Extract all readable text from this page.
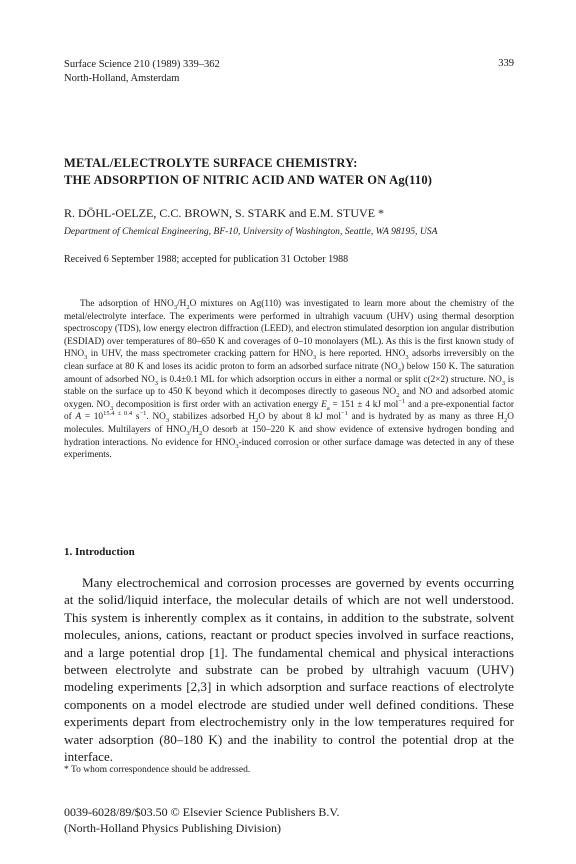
Surface Science 210 (1989) 339–362
North-Holland, Amsterdam
339
METAL/ELECTROLYTE SURFACE CHEMISTRY:
THE ADSORPTION OF NITRIC ACID AND WATER ON Ag(110)
R. DÖHL-OELZE, C.C. BROWN, S. STARK and E.M. STUVE *
Department of Chemical Engineering, BF-10, University of Washington, Seattle, WA 98195, USA
Received 6 September 1988; accepted for publication 31 October 1988
The adsorption of $HNO_3/H_2O$ mixtures on Ag(110) was investigated to learn more about the chemistry of the metal/electrolyte interface. The experiments were performed in ultrahigh vacuum (UHV) using thermal desorption spectroscopy (TDS), low energy electron diffraction (LEED), and electron stimulated desorption ion angular distribution (ESDIAD) over temperatures of 80–650 K and coverages of 0–10 monolayers (ML). As this is the first known study of $HNO_3$ in UHV, the mass spectrometer cracking pattern for $HNO_3$ is here reported. $HNO_3$ adsorbs irreversibly on the clean surface at 80 K and loses its acidic proton to form an adsorbed surface nitrate $(NO_3)$ below 150 K. The saturation amount of adsorbed $NO_3$ is 0.4±0.1 ML for which adsorption occurs in either a normal or split c(2×2) structure. $NO_3$ is stable on the surface up to 450 K beyond which it decomposes directly to gaseous $NO_2$ and NO and adsorbed atomic oxygen. $NO_3$ decomposition is first order with an activation energy $E_a = 151 \pm 4$ kJ mol$^{-1}$ and a pre-exponential factor of $A = 10^{15.4 \pm 0.4}$ $s^{-1}$. $NO_3$ stabilizes adsorbed $H_2O$ by about 8 kJ mol$^{-1}$ and is hydrated by as many as three $H_2O$ molecules. Multilayers of $HNO_3/H_2O$ desorb at 150–220 K and show evidence of extensive hydrogen bonding and hydration interactions. No evidence for $HNO_3$-induced corrosion or other surface damage was detected in any of these experiments.
1. Introduction
Many electrochemical and corrosion processes are governed by events occurring at the solid/liquid interface, the molecular details of which are not well understood. This system is inherently complex as it contains, in addition to the substrate, solvent molecules, anions, cations, reactant or product species involved in surface reactions, and a large potential drop [1]. The fundamental chemical and physical interactions between electrolyte and substrate can be probed by ultrahigh vacuum (UHV) modeling experiments [2,3] in which adsorption and surface reactions of electrolyte components on a model electrode are studied under well defined conditions. These experiments depart from electrochemistry only in the low temperatures required for water adsorption (80–180 K) and the inability to control the potential drop at the interface.
* To whom correspondence should be addressed.
0039-6028/89/$03.50 © Elsevier Science Publishers B.V.
(North-Holland Physics Publishing Division)
